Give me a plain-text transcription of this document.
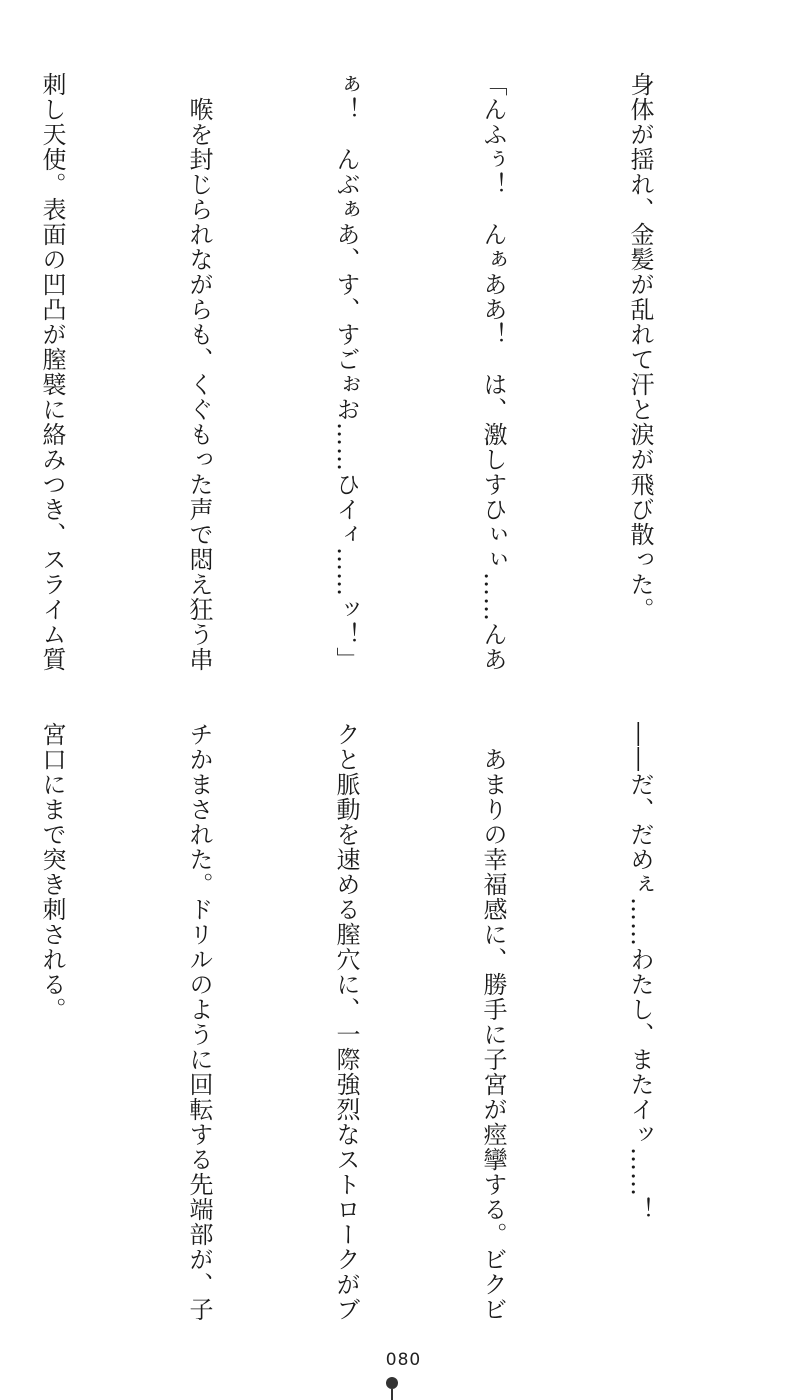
身体が揺れ、金髪が乱れて汗と涙が飛び散った。

「んふぅ！　んぁああ！　は、激しすひぃぃ……んあ

ぁ！　んぶぁあ、す、すごぉお……ひイィ……ッ！」

　喉を封じられながらも、くぐもった声で悶え狂う串

刺し天使。表面の凹凸が膣襞に絡みつき、スライム質

――だ、だめぇ……わたし、またイッ……！

　あまりの幸福感に、勝手に子宮が痙攣する。ビクビ

クと脈動を速める膣穴に、一際強烈なストロークがブ

チかまされた。ドリルのように回転する先端部が、子

宮口にまで突き刺される。

080
